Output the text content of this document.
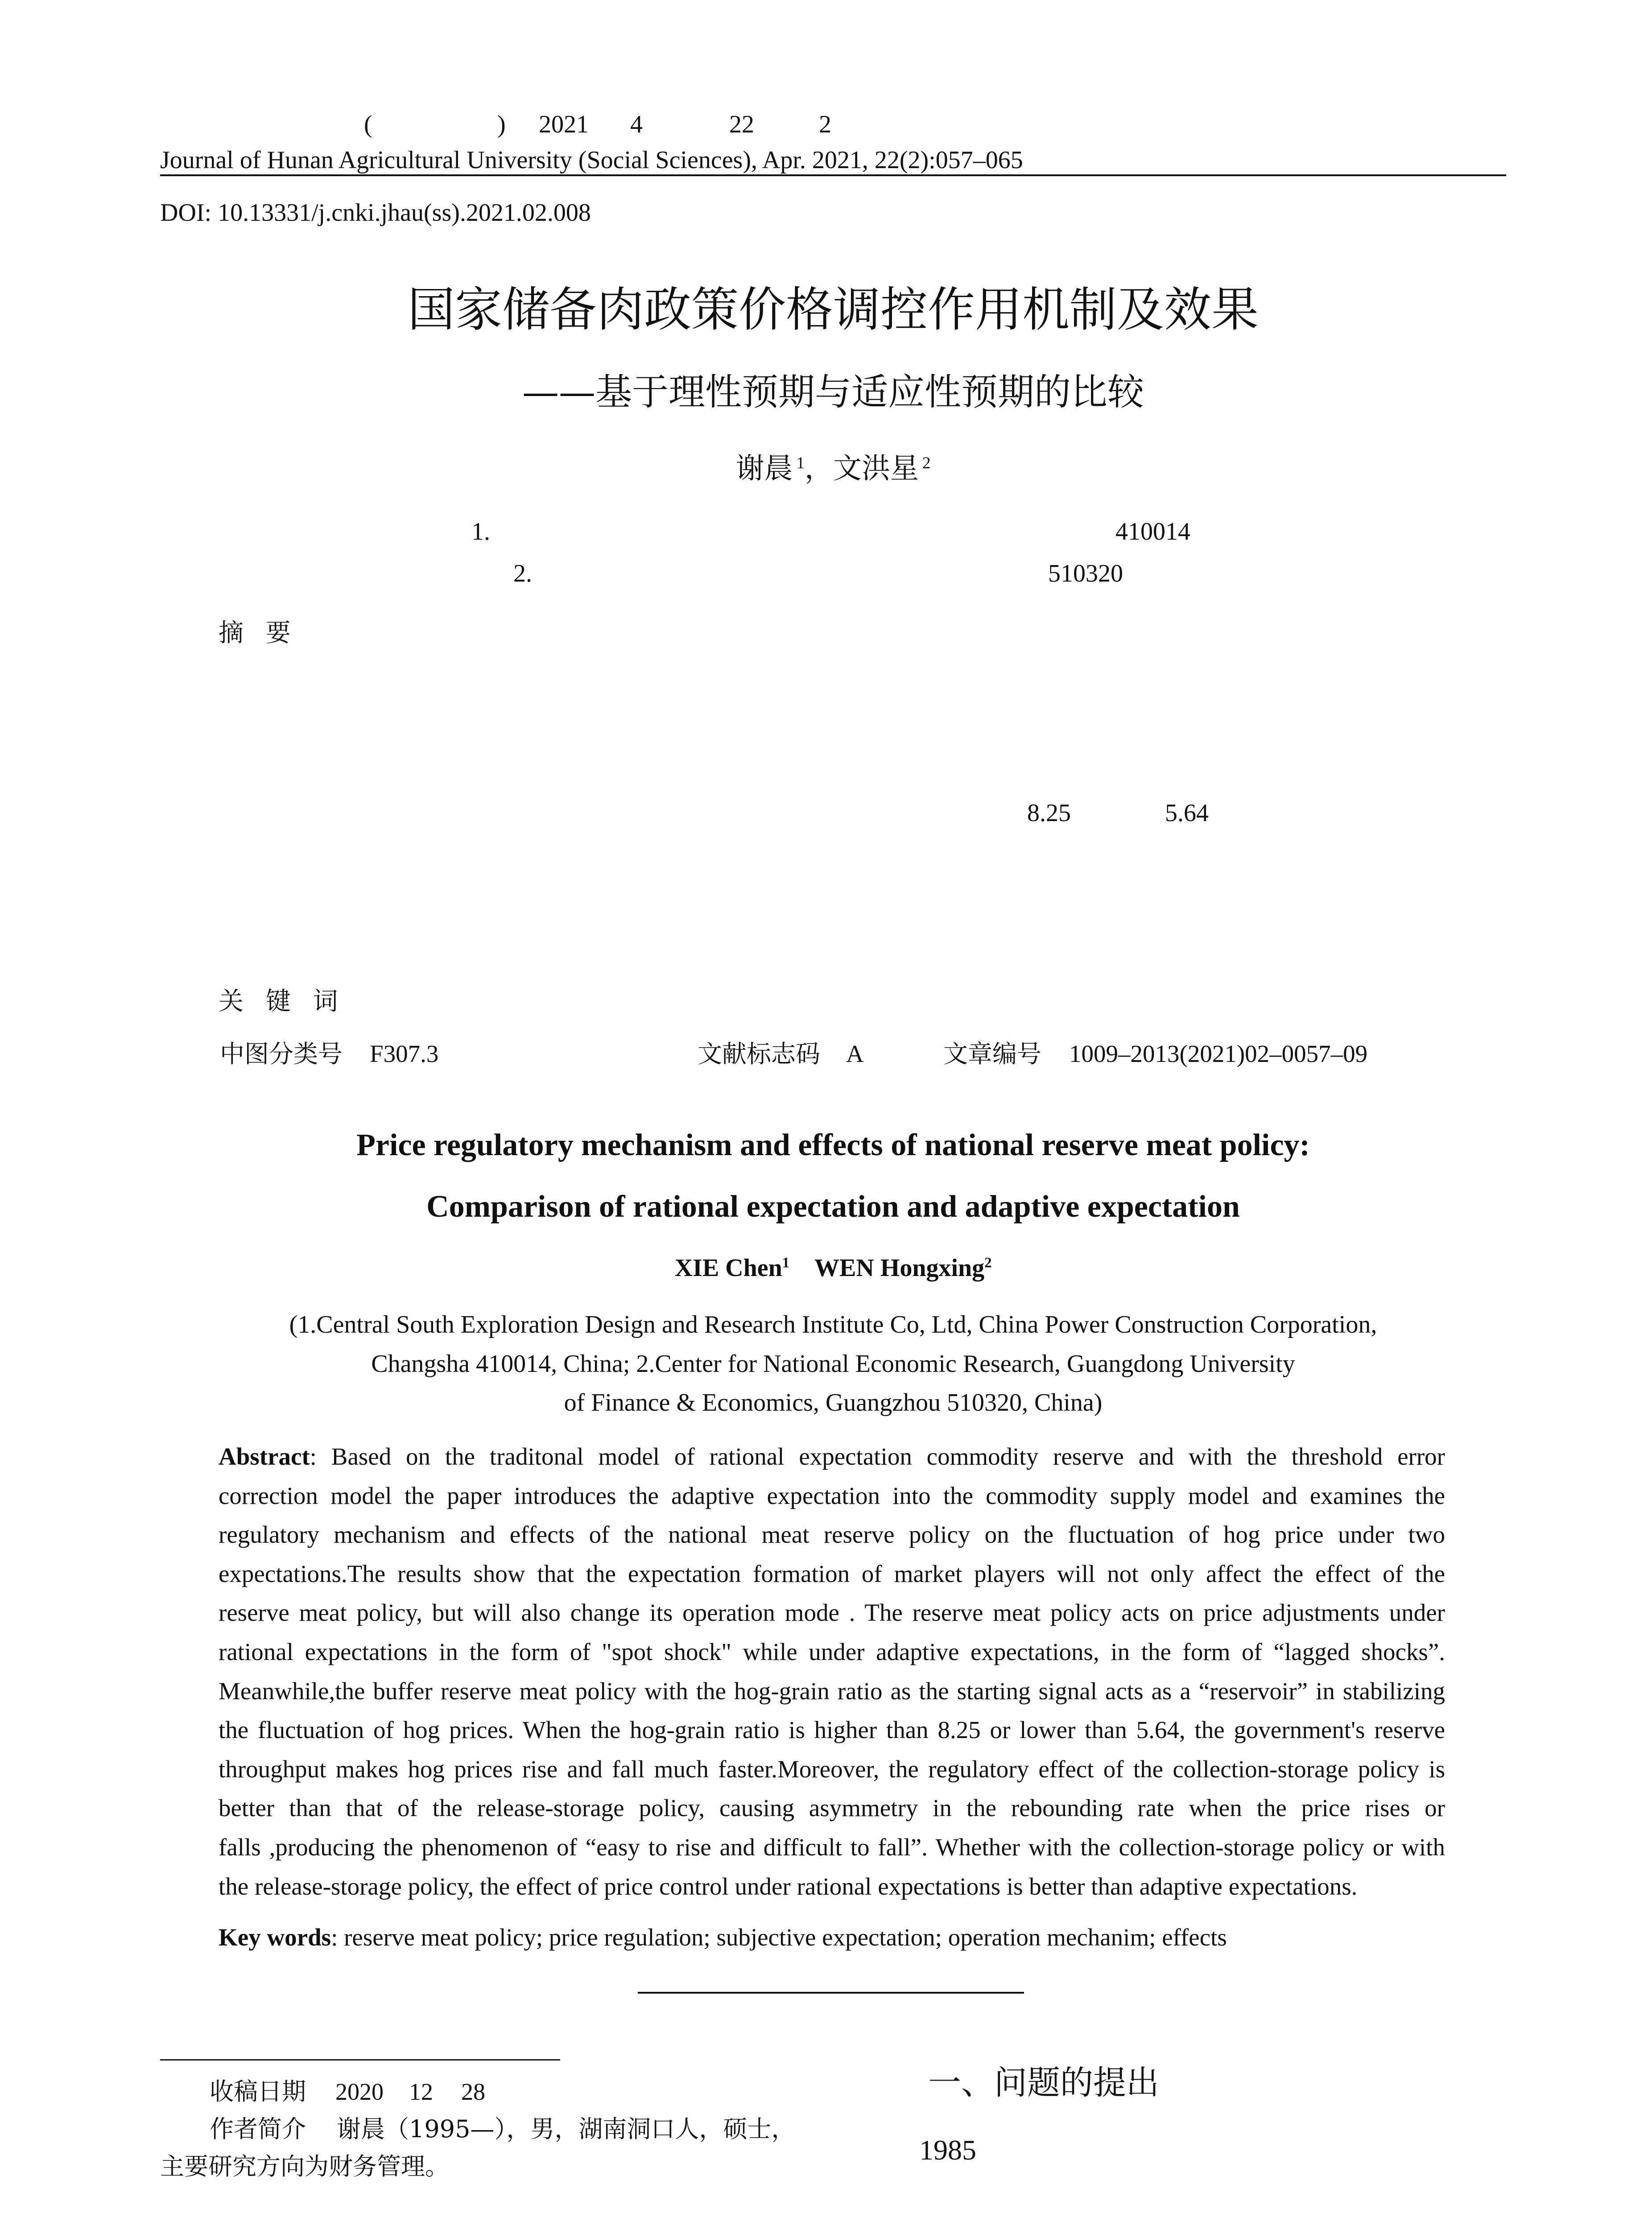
(	) 2021 4	22	2
Journal of Hunan Agricultural University (Social Sciences), Apr. 2021, 22(2):057–065
DOI: 10.13331/j.cnki.jhau(ss).2021.02.008
国家储备肉政策价格调控作用机制及效果
——基于理性预期与适应性预期的比较
谢晨 $^1$，文洪星 $^2$
1.	410014
2.	510320
摘 要
8.25	5.64
关 键 词
中图分类号 F307.3	文献标志码 A	文章编号 1009–2013(2021)02–0057–09
Price regulatory mechanism and effects of national reserve meat policy:
Comparison of rational expectation and adaptive expectation
XIE Chen$^1$ WEN Hongxing$^2$
(1.Central South Exploration Design and Research Institute Co, Ltd, China Power Construction Corporation,
Changsha 410014, China; 2.Center for National Economic Research, Guangdong University
of Finance & Economics, Guangzhou 510320, China)
Abstract: Based on the traditonal model of rational expectation commodity reserve and with the threshold error
correction model the paper introduces the adaptive expectation into the commodity supply model and examines the
regulatory mechanism and effects of the national meat reserve policy on the fluctuation of hog price under two
expectations.The results show that the expectation formation of market players will not only affect the effect of the
reserve meat policy, but will also change its operation mode . The reserve meat policy acts on price adjustments under
rational expectations in the form of "spot shock" while under adaptive expectations, in the form of “lagged shocks”.
Meanwhile,the buffer reserve meat policy with the hog-grain ratio as the starting signal acts as a “reservoir” in stabilizing
the fluctuation of hog prices. When the hog-grain ratio is higher than 8.25 or lower than 5.64, the government's reserve
throughput makes hog prices rise and fall much faster.Moreover, the regulatory effect of the collection-storage policy is
better than that of the release-storage policy, causing asymmetry in the rebounding rate when the price rises or
falls ,producing the phenomenon of “easy to rise and difficult to fall”. Whether with the collection-storage policy or with
the release-storage policy, the effect of price control under rational expectations is better than adaptive expectations.
Key words: reserve meat policy; price regulation; subjective expectation; operation mechanim; effects
收稿日期 2020 12 28
作者简介 谢晨（1995—），男，湖南洞口人，硕士，
主要研究方向为财务管理。
一、问题的提出
1985
